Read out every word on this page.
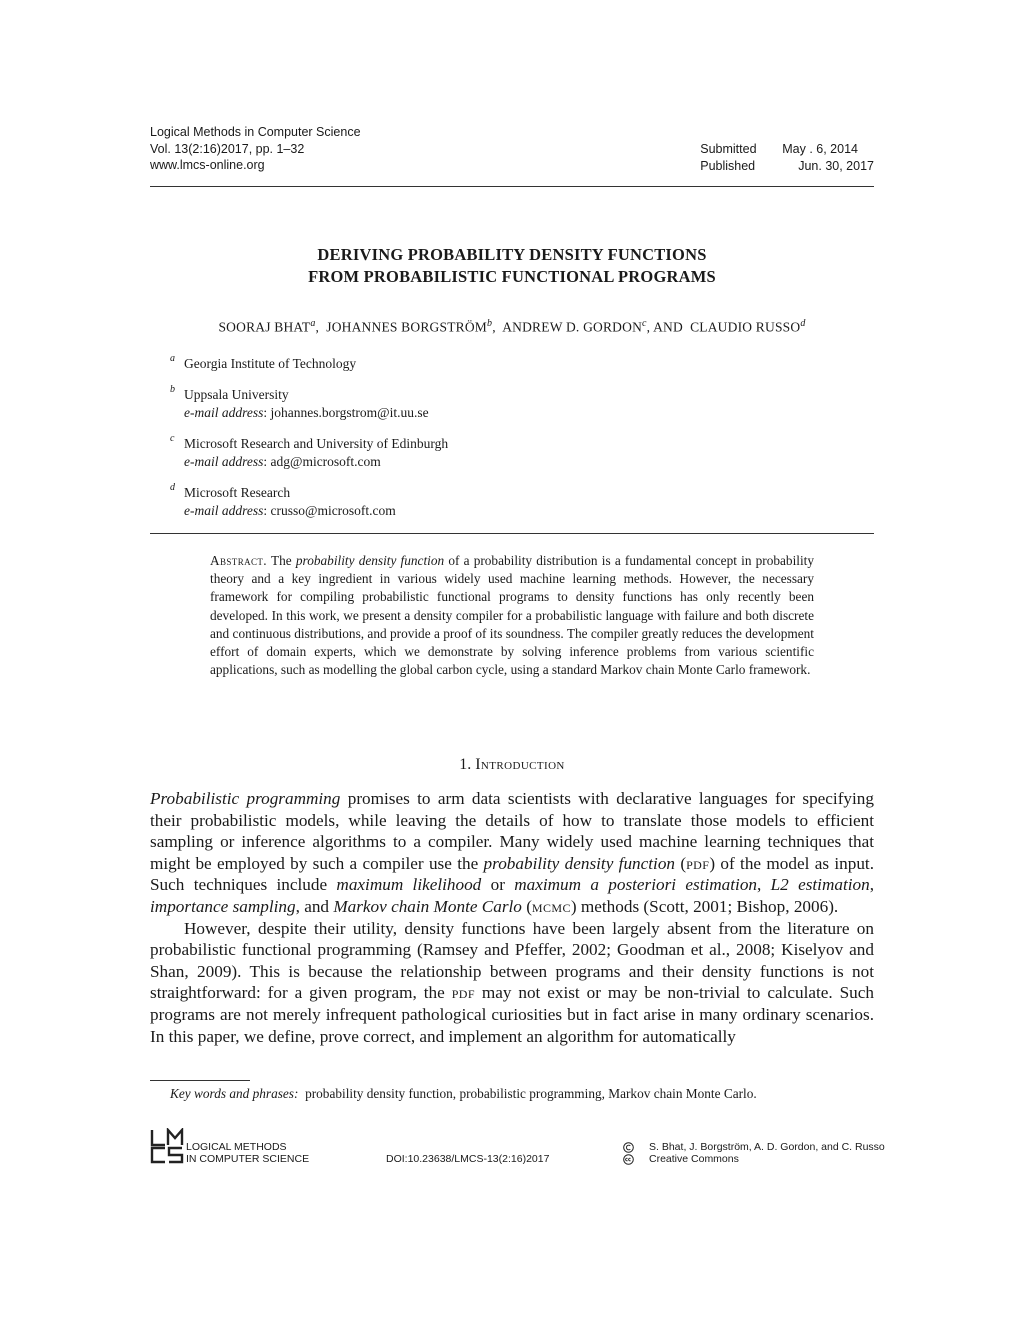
Logical Methods in Computer Science
Vol. 13(2:16)2017, pp. 1–32
www.lmcs-online.org
Submitted	May . 6, 2014
Published	Jun. 30, 2017
DERIVING PROBABILITY DENSITY FUNCTIONS
FROM PROBABILISTIC FUNCTIONAL PROGRAMS
SOORAJ BHAT$^a$,  JOHANNES BORGSTRÖM$^b$,  ANDREW D. GORDON$^c$, AND  CLAUDIO RUSSO$^d$
a Georgia Institute of Technology
b Uppsala University
e-mail address: johannes.borgstrom@it.uu.se
c Microsoft Research and University of Edinburgh
e-mail address: adg@microsoft.com
d Microsoft Research
e-mail address: crusso@microsoft.com
Abstract. The probability density function of a probability distribution is a fundamental concept in probability theory and a key ingredient in various widely used machine learning methods. However, the necessary framework for compiling probabilistic functional programs to density functions has only recently been developed. In this work, we present a density compiler for a probabilistic language with failure and both discrete and continuous distributions, and provide a proof of its soundness. The compiler greatly reduces the development effort of domain experts, which we demonstrate by solving inference problems from various scientific applications, such as modelling the global carbon cycle, using a standard Markov chain Monte Carlo framework.
1. Introduction

Probabilistic programming promises to arm data scientists with declarative languages for specifying their probabilistic models, while leaving the details of how to translate those models to efficient sampling or inference algorithms to a compiler. Many widely used machine learning techniques that might be employed by such a compiler use the probability density function (pdf) of the model as input. Such techniques include maximum likelihood or maximum a posteriori estimation, L2 estimation, importance sampling, and Markov chain Monte Carlo (mcmc) methods (Scott, 2001; Bishop, 2006).

However, despite their utility, density functions have been largely absent from the literature on probabilistic functional programming (Ramsey and Pfeffer, 2002; Goodman et al., 2008; Kiselyov and Shan, 2009). This is because the relationship between programs and their density functions is not straightforward: for a given program, the pdf may not exist or may be non-trivial to calculate. Such programs are not merely infrequent pathological curiosities but in fact arise in many ordinary scenarios. In this paper, we define, prove correct, and implement an algorithm for automatically

Key words and phrases: probability density function, probabilistic programming, Markov chain Monte Carlo.
LOGICAL METHODS
IN COMPUTER SCIENCE	DOI:10.23638/LMCS-13(2:16)2017
S. Bhat, J. Borgström, A. D. Gordon, and C. Russo
Creative Commons
